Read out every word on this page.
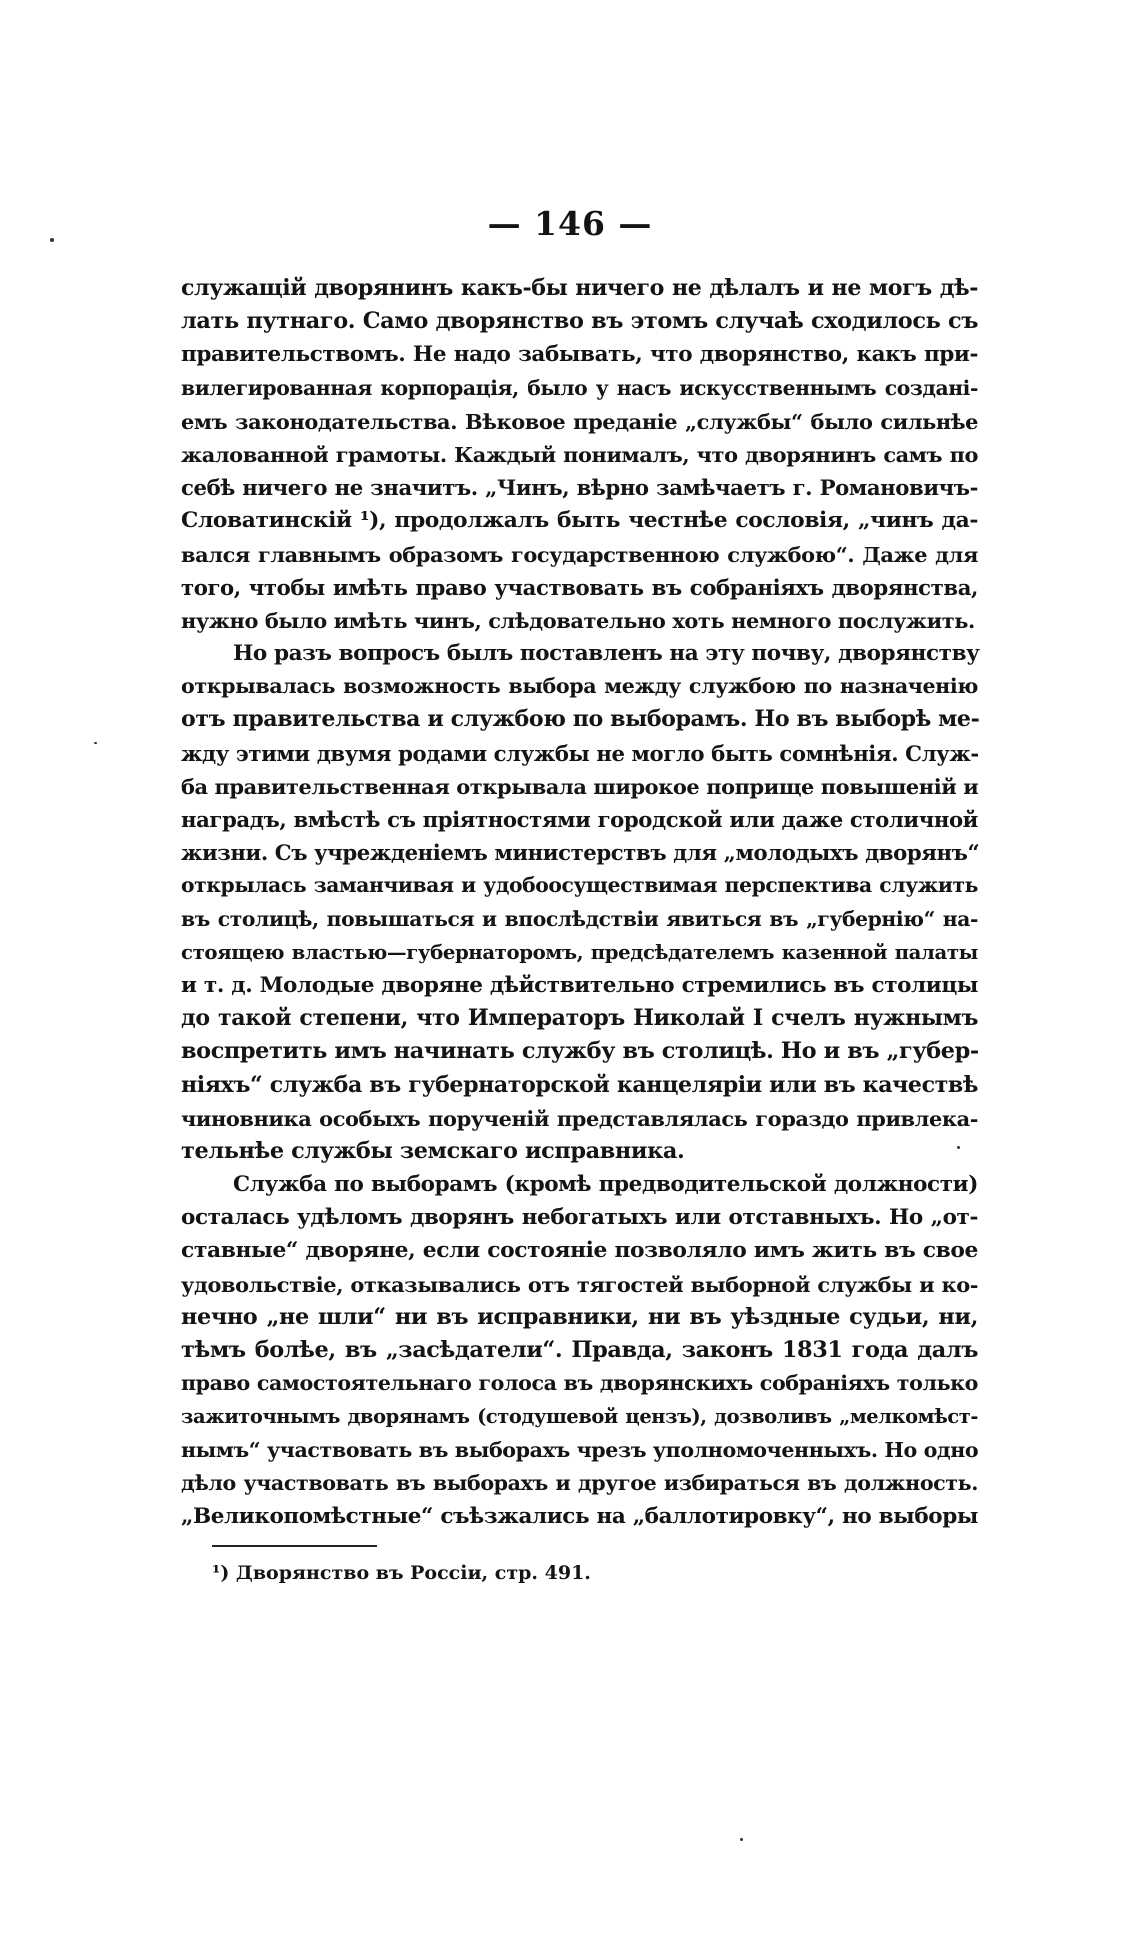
— 146 —
служащій дворянинъ какъ-бы ничего не дѣлалъ и не могъ дѣ-
лать путнаго. Само дворянство въ этомъ случаѣ сходилось съ
правительствомъ. Не надо забывать, что дворянство, какъ при-
вилегированная корпорація, было у насъ искусственнымъ созданi-
емъ законодательства. Вѣковое преданіе „службы“ было сильнѣе
жалованной грамоты. Каждый понималъ, что дворянинъ самъ по
себѣ ничего не значитъ. „Чинъ, вѣрно замѣчаетъ г. Романовичъ-
Словатинскій ¹), продолжалъ быть честнѣе сословія, „чинъ да-
вался главнымъ образомъ государственною службою“. Даже для
того, чтобы имѣть право участвовать въ собраніяхъ дворянства,
нужно было имѣть чинъ, слѣдовательно хоть немного послужить.
Но разъ вопросъ былъ поставленъ на эту почву, дворянству
открывалась возможность выбора между службою по назначенію
отъ правительства и службою по выборамъ. Но въ выборѣ ме-
жду этими двумя родами службы не могло быть сомнѣнія. Служ-
ба правительственная открывала широкое поприще повышеній и
наградъ, вмѣстѣ съ пріятностями городской или даже столичной
жизни. Съ учрежденіемъ министерствъ для „молодыхъ дворянъ“
открылась заманчивая и удобоосуществимая перспектива служить
въ столицѣ, повышаться и впослѣдствіи явиться въ „губернію“ на-
стоящею властью—губернаторомъ, предсѣдателемъ казенной палаты
и т. д. Молодые дворяне дѣйствительно стремились въ столицы
до такой степени, что Императоръ Николай I счелъ нужнымъ
воспретить имъ начинать службу въ столицѣ. Но и въ „губер-
ніяхъ“ служба въ губернаторской канцеляріи или въ качествѣ
чиновника особыхъ порученій представлялась гораздо привлека-
тельнѣе службы земскаго исправника.
Служба по выборамъ (кромѣ предводительской должности)
осталась удѣломъ дворянъ небогатыхъ или отставныхъ. Но „от-
ставные“ дворяне, если состояніе позволяло имъ жить въ свое
удовольствіе, отказывались отъ тягостей выборной службы и ко-
нечно „не шли“ ни въ исправники, ни въ уѣздные судьи, ни,
тѣмъ болѣе, въ „засѣдатели“. Правда, законъ 1831 года далъ
право самостоятельнаго голоса въ дворянскихъ собраніяхъ только
зажиточнымъ дворянамъ (стодушевой цензъ), дозволивъ „мелкомѣст-
нымъ“ участвовать въ выборахъ чрезъ уполномоченныхъ. Но одно
дѣло участвовать въ выборахъ и другое избираться въ должность.
„Великопомѣстные“ съѣзжались на „баллотировку“, но выборы
¹) Дворянство въ Россіи, стр. 491.
